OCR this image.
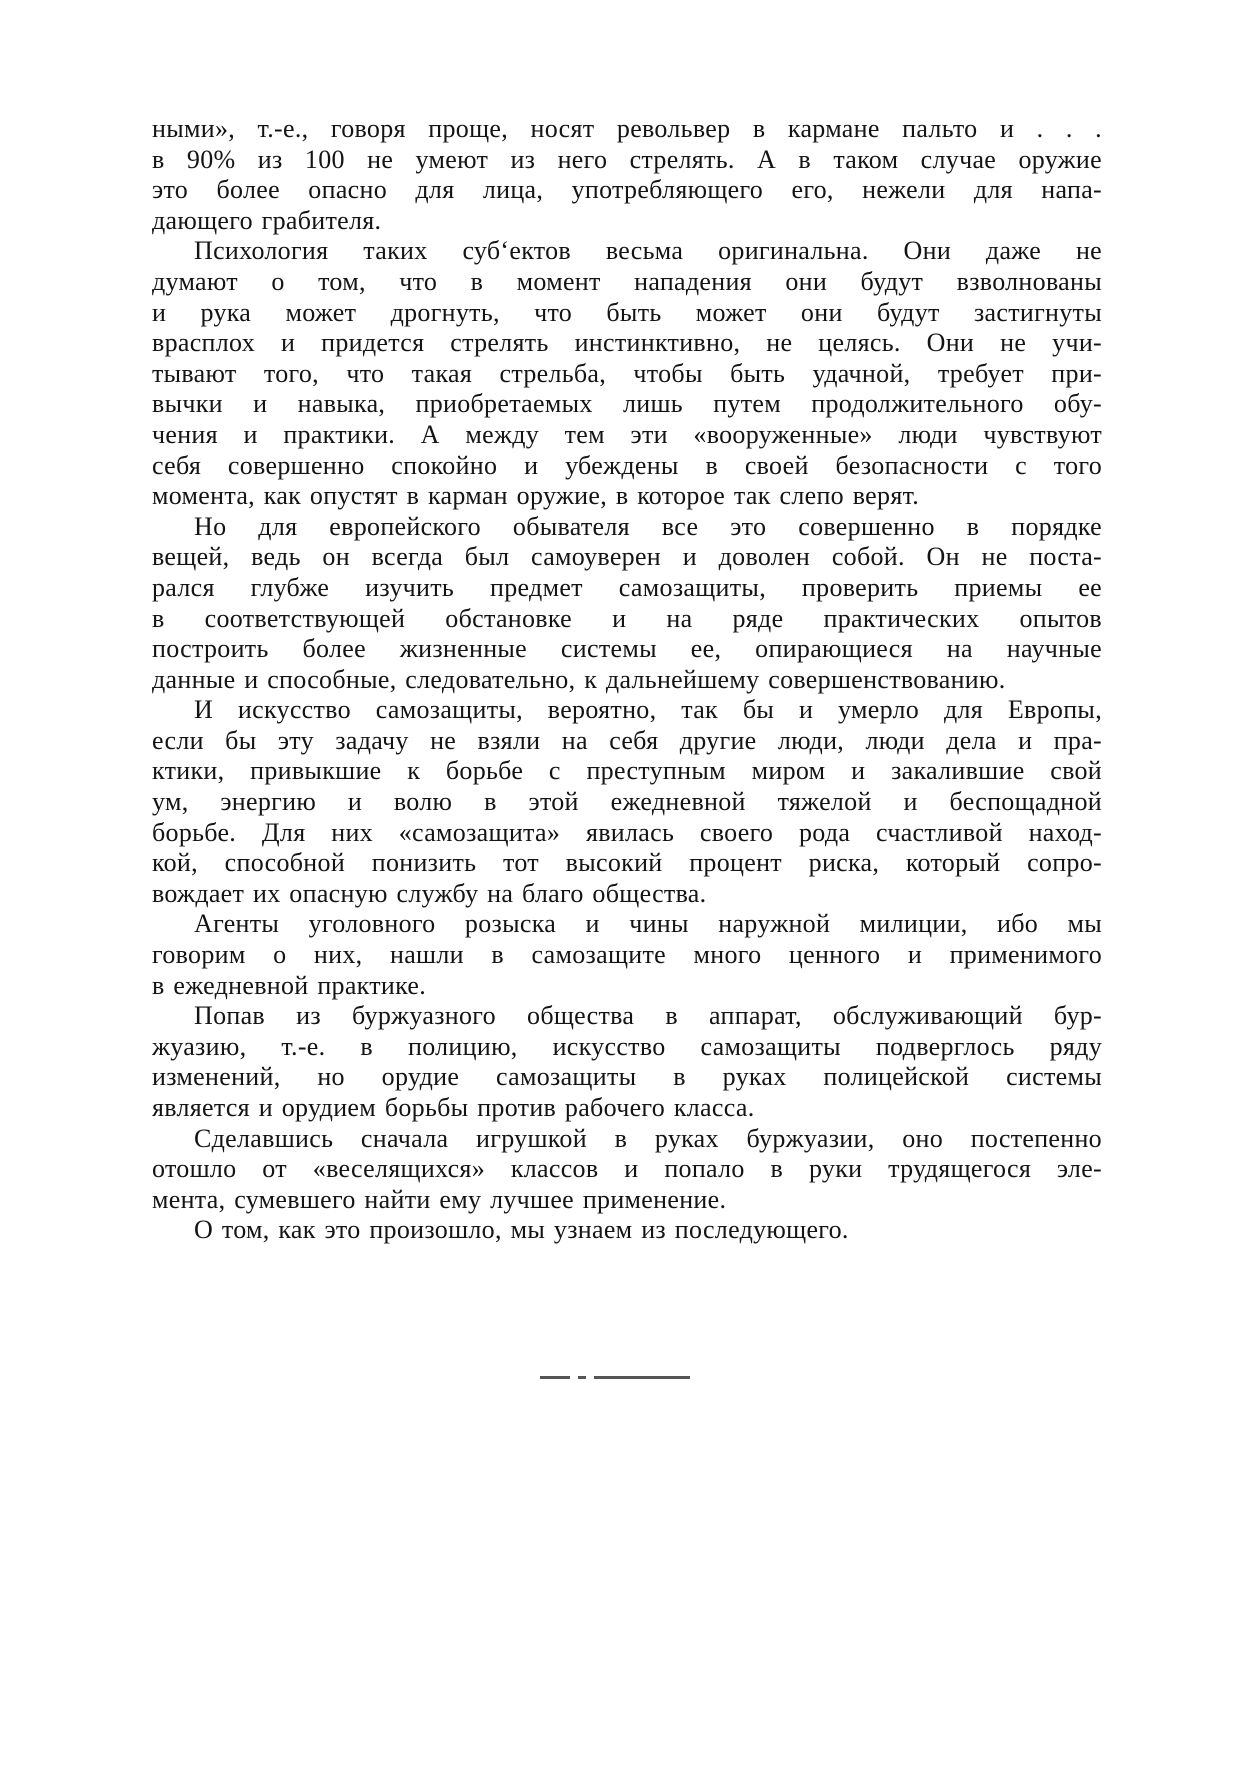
ными», т.-е., говоря проще, носят револьвер в кармане пальто и . . .
в 90% из 100 не умеют из него стрелять. А в таком случае оружие
это более опасно для лица, употребляющего его, нежели для напа-
дающего грабителя.
Психология таких суб‘ектов весьма оригинальна. Они даже не
думают о том, что в момент нападения они будут взволнованы
и рука может дрогнуть, что быть может они будут застигнуты
врасплох и придется стрелять инстинктивно, не целясь. Они не учи-
тывают того, что такая стрельба, чтобы быть удачной, требует при-
вычки и навыка, приобретаемых лишь путем продолжительного обу-
чения и практики. А между тем эти «вооруженные» люди чувствуют
себя совершенно спокойно и убеждены в своей безопасности с того
момента, как опустят в карман оружие, в которое так слепо верят.
Но для европейского обывателя все это совершенно в порядке
вещей, ведь он всегда был самоуверен и доволен собой. Он не поста-
рался глубже изучить предмет самозащиты, проверить приемы ее
в соответствующей обстановке и на ряде практических опытов
построить более жизненные системы ее, опирающиеся на научные
данные и способные, следовательно, к дальнейшему совершенствованию.
И искусство самозащиты, вероятно, так бы и умерло для Европы,
если бы эту задачу не взяли на себя другие люди, люди дела и пра-
ктики, привыкшие к борьбе с преступным миром и закалившие свой
ум, энергию и волю в этой ежедневной тяжелой и беспощадной
борьбе. Для них «самозащита» явилась своего рода счастливой наход-
кой, способной понизить тот высокий процент риска, который сопро-
вождает их опасную службу на благо общества.
Агенты уголовного розыска и чины наружной милиции, ибо мы
говорим о них, нашли в самозащите много ценного и применимого
в ежедневной практике.
Попав из буржуазного общества в аппарат, обслуживающий бур-
жуазию, т.-е. в полицию, искусство самозащиты подверглось ряду
изменений, но орудие самозащиты в руках полицейской системы
является и орудием борьбы против рабочего класса.
Сделавшись сначала игрушкой в руках буржуазии, оно постепенно
отошло от «веселящихся» классов и попало в руки трудящегося эле-
мента, сумевшего найти ему лучшее применение.
О том, как это произошло, мы узнаем из последующего.
